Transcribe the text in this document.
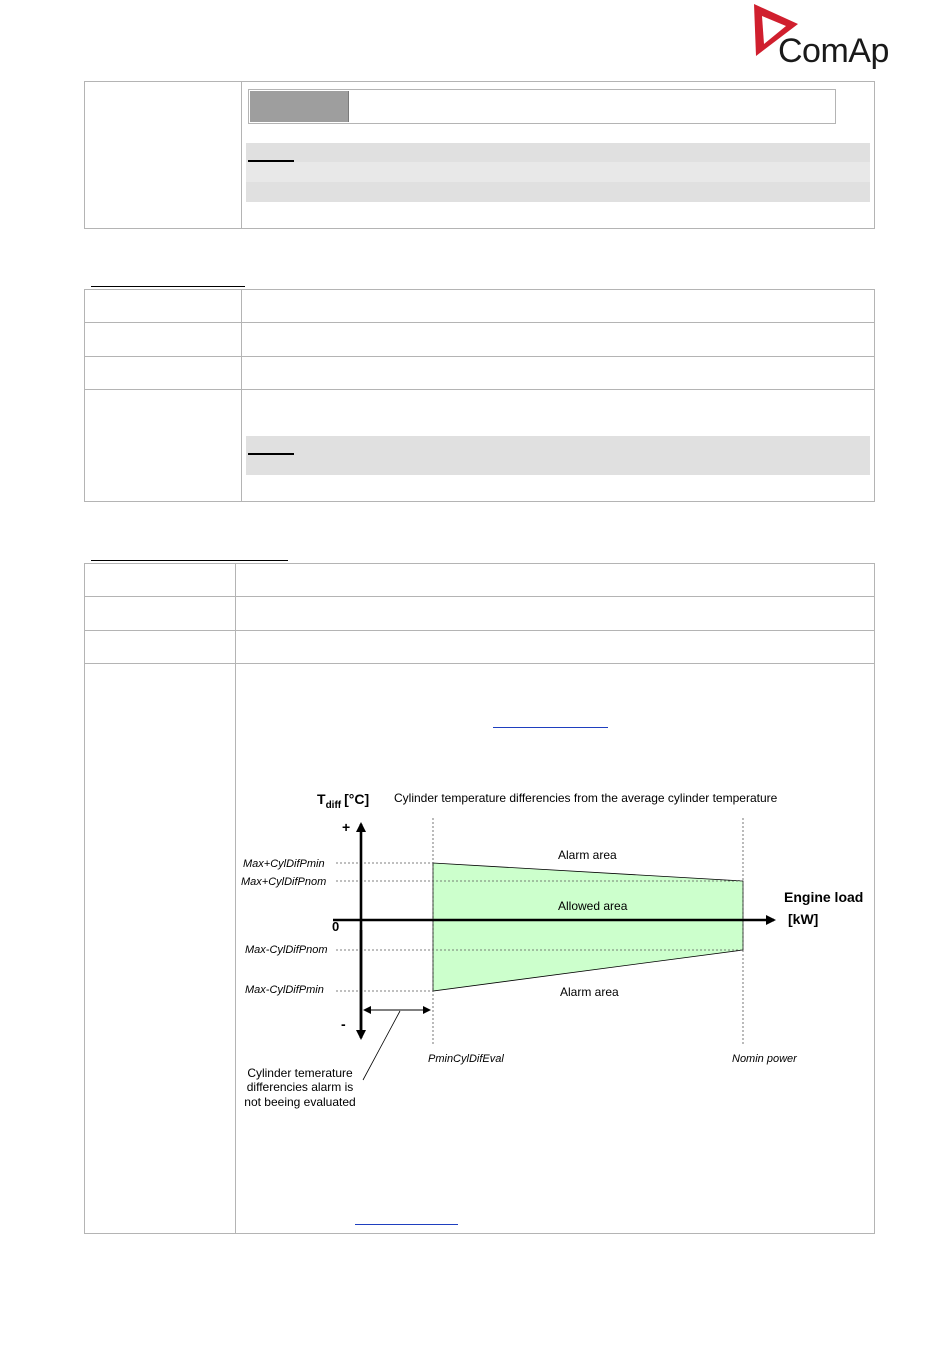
ComAp
Cylinder temperature differencies from the average cylinder temperature
$T_{diff}$ [°C]
+
0
-
Max+CylDifPmin
Max+CylDifPnom
Max-CylDifPnom
Max-CylDifPmin
Alarm area
Allowed area
Alarm area
Engine load
[kW]
PminCylDifEval	Nomin power
Cylinder temerature
differencies alarm is
not beeing evaluated
